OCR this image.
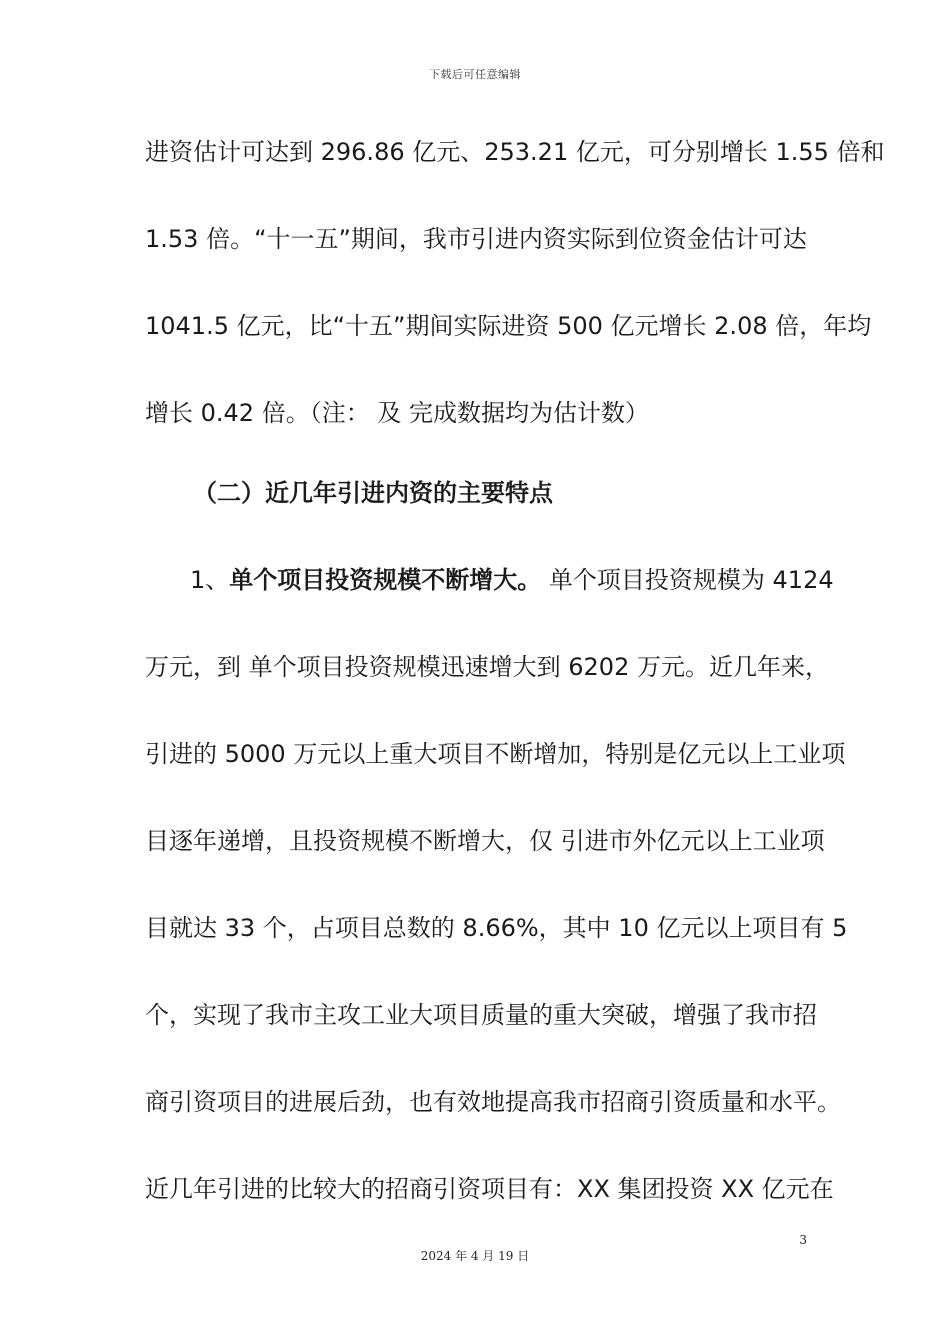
下载后可任意编辑
进资估计可达到 296.86 亿元、253.21 亿元，可分别增长 1.55 倍和
1.53 倍。“十一五”期间，我市引进内资实际到位资金估计可达
1041.5 亿元，比“十五”期间实际进资 500 亿元增长 2.08 倍，年均
增长 0.42 倍。（注： 及 完成数据均为估计数）
（二）近几年引进内资的主要特点
1、单个项目投资规模不断增大。 单个项目投资规模为 4124
万元，到 单个项目投资规模迅速增大到 6202 万元。近几年来，
引进的 5000 万元以上重大项目不断增加，特别是亿元以上工业项
目逐年递增，且投资规模不断增大，仅 引进市外亿元以上工业项
目就达 33 个，占项目总数的 8.66%，其中 10 亿元以上项目有 5
个，实现了我市主攻工业大项目质量的重大突破，增强了我市招
商引资项目的进展后劲，也有效地提高我市招商引资质量和水平。
近几年引进的比较大的招商引资项目有：XX 集团投资 XX 亿元在
3
2024 年 4 月 19 日
